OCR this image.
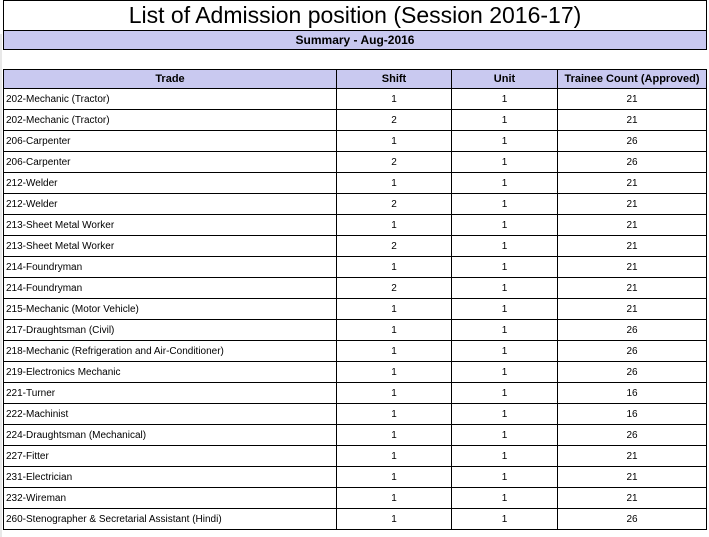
List of Admission position (Session 2016-17)			
Summary - Aug-2016			

Trade	Shift	Unit	Trainee Count (Approved)
202-Mechanic (Tractor)	1	1	21
202-Mechanic (Tractor)	2	1	21
206-Carpenter	1	1	26
206-Carpenter	2	1	26
212-Welder	1	1	21
212-Welder	2	1	21
213-Sheet Metal Worker	1	1	21
213-Sheet Metal Worker	2	1	21
214-Foundryman	1	1	21
214-Foundryman	2	1	21
215-Mechanic (Motor Vehicle)	1	1	21
217-Draughtsman (Civil)	1	1	26
218-Mechanic (Refrigeration and Air-Conditioner)	1	1	26
219-Electronics Mechanic	1	1	26
221-Turner	1	1	16
222-Machinist	1	1	16
224-Draughtsman (Mechanical)	1	1	26
227-Fitter	1	1	21
231-Electrician	1	1	21
232-Wireman	1	1	21
260-Stenographer & Secretarial Assistant (Hindi)	1	1	26
